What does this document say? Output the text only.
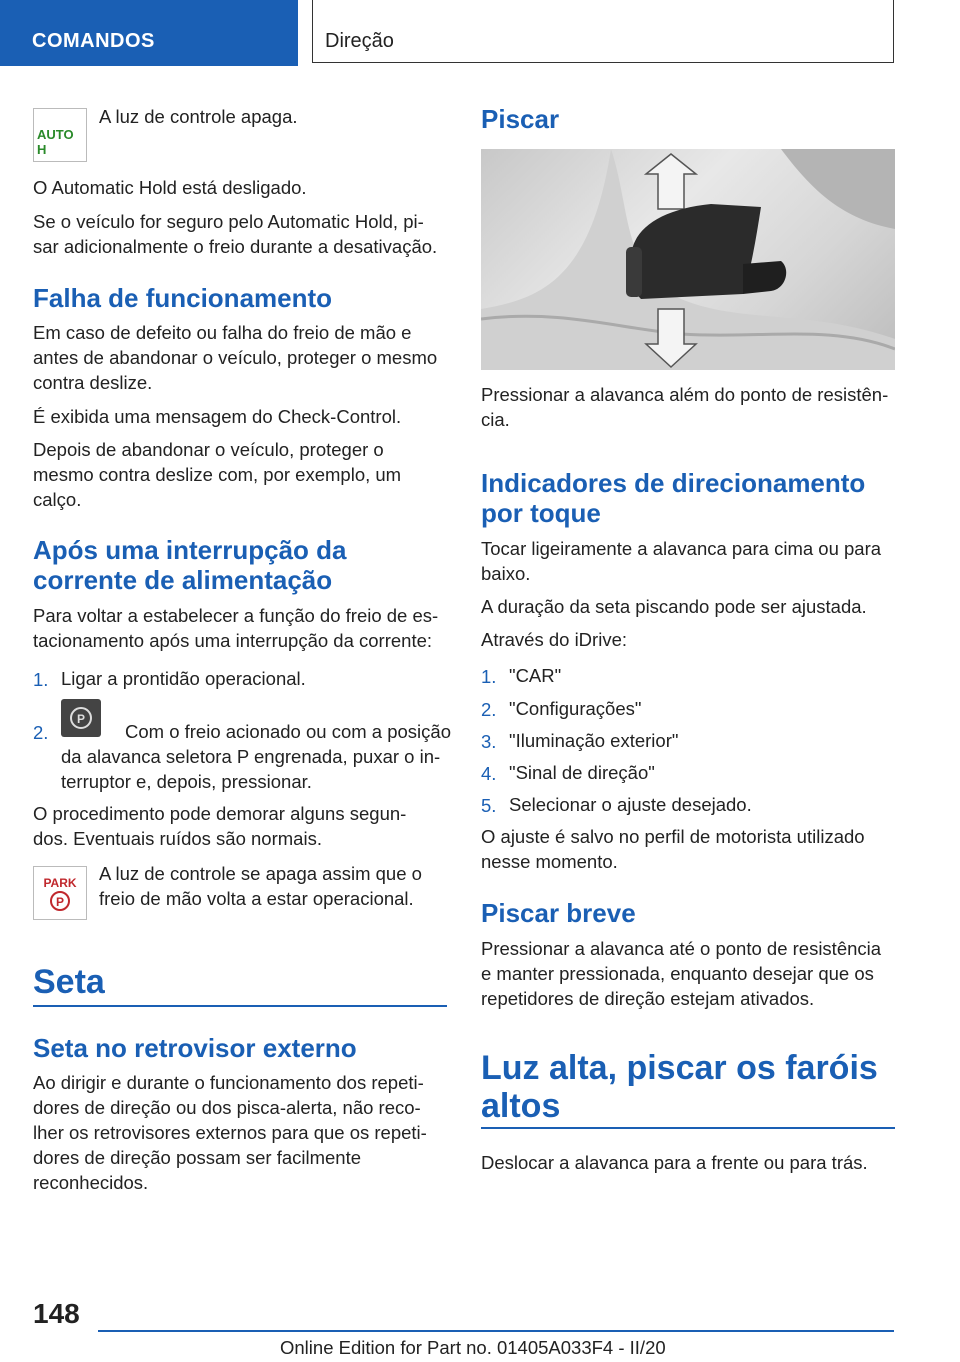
COMANDOS	Direção
AUTO H

A luz de controle apaga.

O Automatic Hold está desligado.

Se o veículo for seguro pelo Automatic Hold, pi-

sar adicionalmente o freio durante a desativação.

Falha de funcionamento

Em caso de defeito ou falha do freio de mão e

antes de abandonar o veículo, proteger o mesmo

contra deslize.

É exibida uma mensagem do Check-Control.

Depois de abandonar o veículo, proteger o

mesmo contra deslize com, por exemplo, um

calço.

Após uma interrupção da
corrente de alimentação

Para voltar a estabelecer a função do freio de es-

tacionamento após uma interrupção da corrente:

1. Ligar a prontidão operacional.

2.
P

Com o freio acionado ou com a posição

da alavanca seletora P engrenada, puxar o in-

terruptor e, depois, pressionar.

O procedimento pode demorar alguns segun-

dos. Eventuais ruídos são normais.

PARK
P

A luz de controle se apaga assim que o

freio de mão volta a estar operacional.

Seta
Seta no retrovisor externo

Ao dirigir e durante o funcionamento dos repeti-

dores de direção ou dos pisca-alerta, não reco-

lher os retrovisores externos para que os repeti-

dores de direção possam ser facilmente

reconhecidos.

Piscar

Pressionar a alavanca além do ponto de resistên-

cia.

Indicadores de direcionamento
por toque

Tocar ligeiramente a alavanca para cima ou para

baixo.

A duração da seta piscando pode ser ajustada.

Através do iDrive:

1. "CAR"

2. "Configurações"

3. "Iluminação exterior"

4. "Sinal de direção"

5. Selecionar o ajuste desejado.

O ajuste é salvo no perfil de motorista utilizado

nesse momento.

Piscar breve

Pressionar a alavanca até o ponto de resistência

e manter pressionada, enquanto desejar que os

repetidores de direção estejam ativados.

Luz alta, piscar os faróis
altos

Deslocar a alavanca para a frente ou para trás.

148
Online Edition for Part no. 01405A033F4 - II/20
